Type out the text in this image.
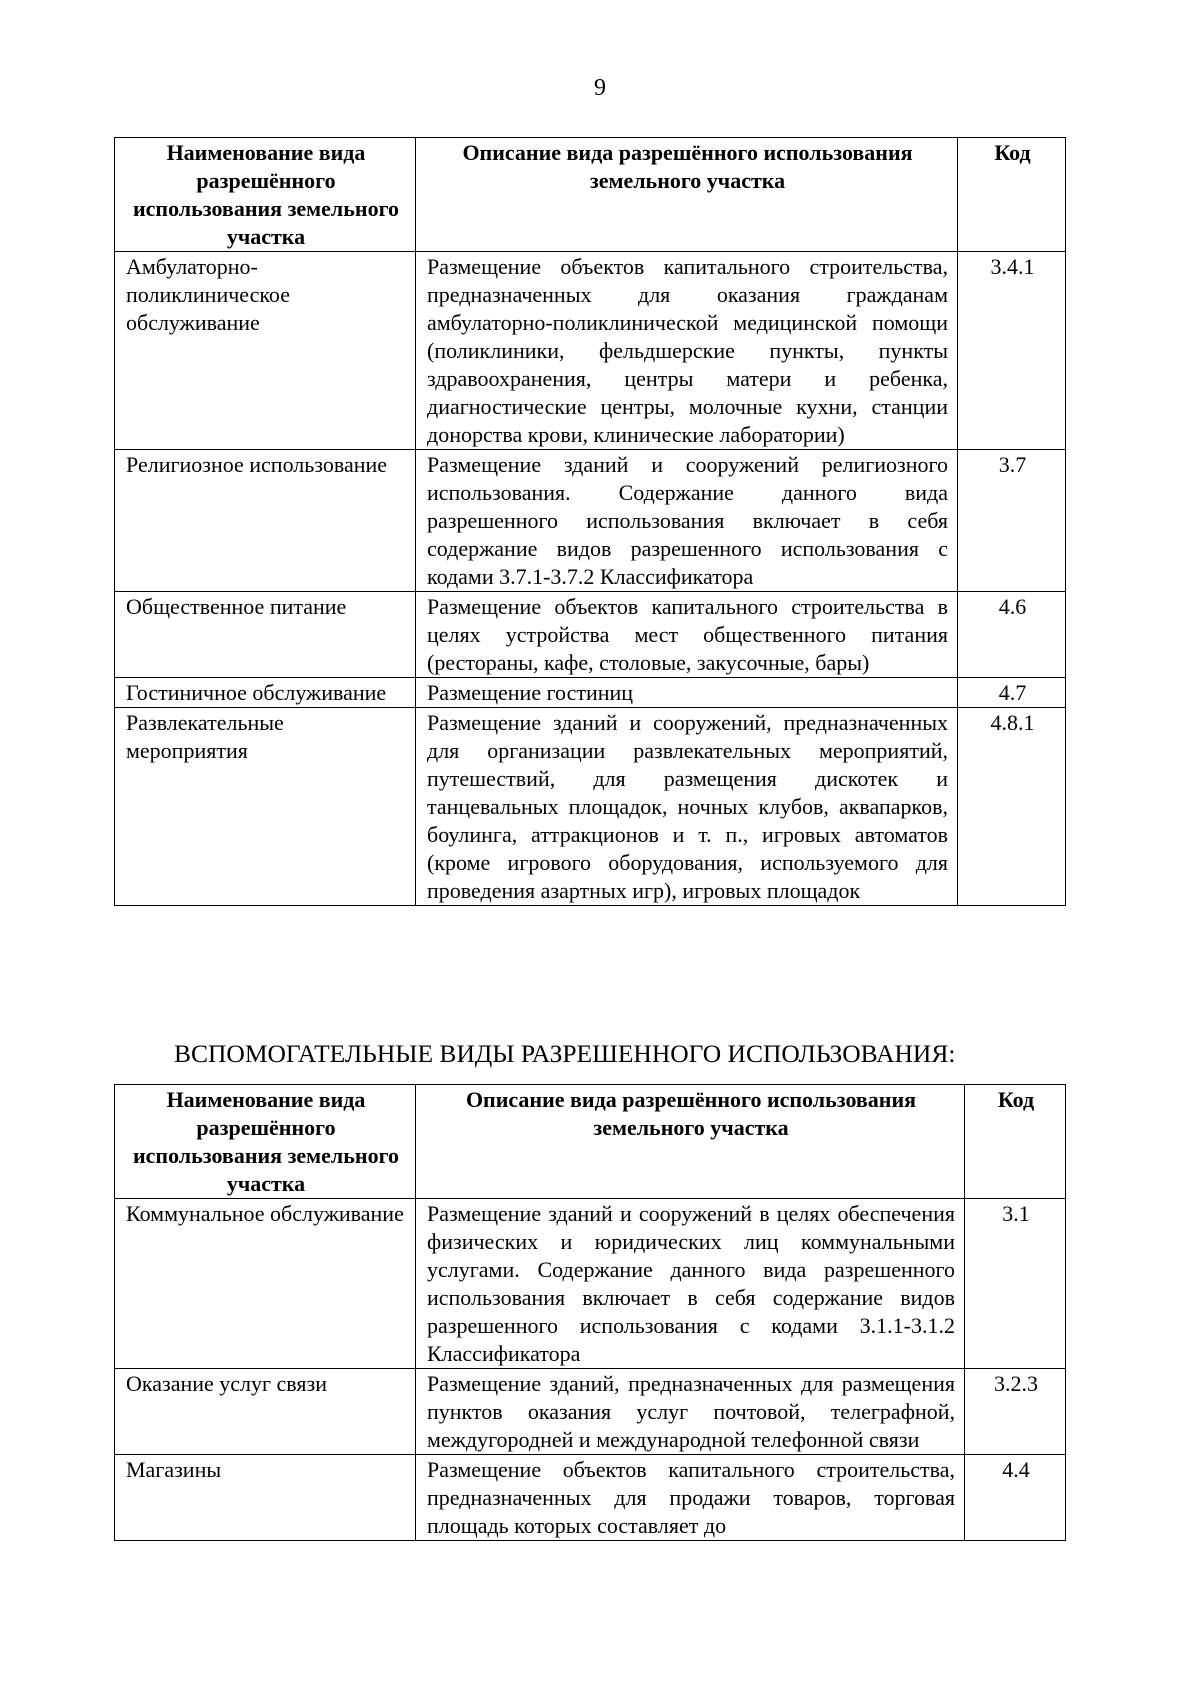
9
Наименование вида разрешённого использования земельного участка	Описание вида разрешённого использования земельного участка	Код
Амбулаторно-поликлиническое обслуживание	Размещение объектов капитального строительства, предназначенных для оказания гражданам амбулаторно-поликлинической медицинской помощи (поликлиники, фельдшерские пункты, пункты здравоохранения, центры матери и ребенка, диагностические центры, молочные кухни, станции донорства крови, клинические лаборатории)	3.4.1
Религиозное использование	Размещение зданий и сооружений религиозного использования. Содержание данного вида разрешенного использования включает в себя содержание видов разрешенного использования с кодами 3.7.1-3.7.2 Классификатора	3.7
Общественное питание	Размещение объектов капитального строительства в целях устройства мест общественного питания (рестораны, кафе, столовые, закусочные, бары)	4.6
Гостиничное обслуживание	Размещение гостиниц	4.7
Развлекательные мероприятия	Размещение зданий и сооружений, предназначенных для организации развлекательных мероприятий, путешествий, для размещения дискотек и танцевальных площадок, ночных клубов, аквапарков, боулинга, аттракционов и т. п., игровых автоматов (кроме игрового оборудования, используемого для проведения азартных игр), игровых площадок	4.8.1
ВСПОМОГАТЕЛЬНЫЕ ВИДЫ РАЗРЕШЕННОГО ИСПОЛЬЗОВАНИЯ:
Наименование вида разрешённого использования земельного участка	Описание вида разрешённого использования земельного участка	Код
Коммунальное обслуживание	Размещение зданий и сооружений в целях обеспечения физических и юридических лиц коммунальными услугами. Содержание данного вида разрешенного использования включает в себя содержание видов разрешенного использования с кодами 3.1.1-3.1.2 Классификатора	3.1
Оказание услуг связи	Размещение зданий, предназначенных для размещения пунктов оказания услуг почтовой, телеграфной, междугородней и международной телефонной связи	3.2.3
Магазины	Размещение объектов капитального строительства, предназначенных для продажи товаров, торговая площадь которых составляет до	4.4
